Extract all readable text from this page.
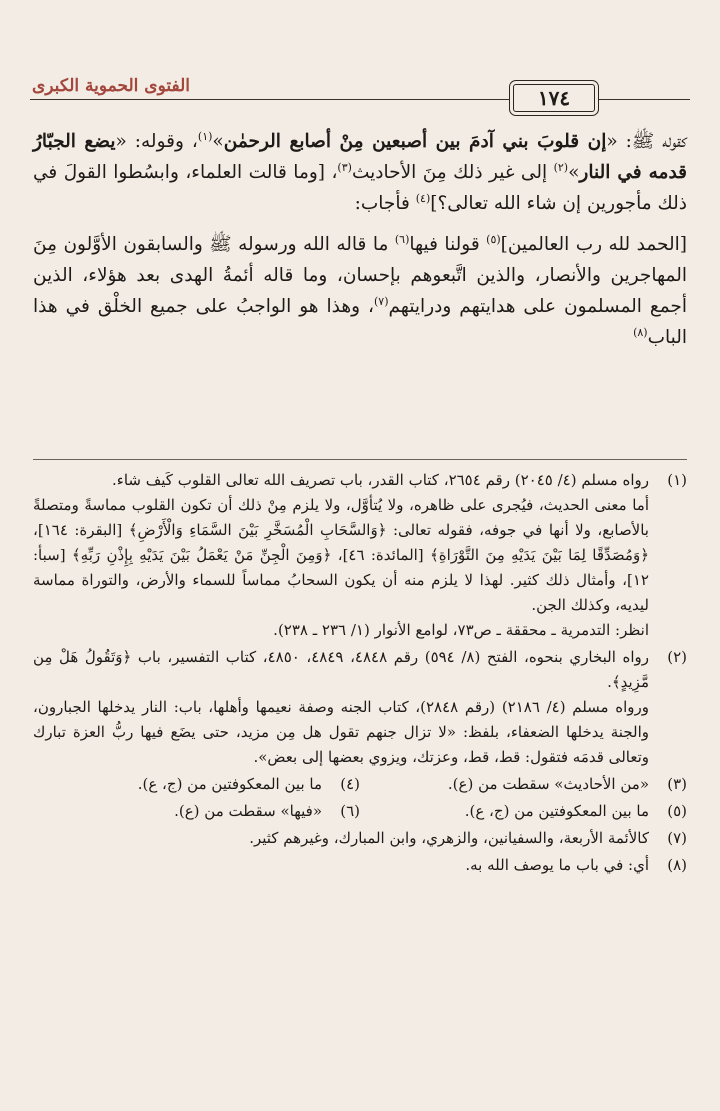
الفتوى الحموية الكبرى	١٧٤

كقوله ﷺ: «إن قلوبَ بني آدمَ بين أصبعين مِنْ أصابع الرحمٰن»$^{(١)}$، وقوله: «يضع الجبّارُ قدمه في النار»$^{(٢)}$ إلى غير ذلك مِنَ الأحاديث$^{(٣)}$، [وما قالت العلماء، وابسُطوا القولَ في ذلك مأجورين إن شاء الله تعالى؟]$^{(٤)}$ فأجاب:

[الحمد لله رب العالمين]$^{(٥)}$ قولنا فيها$^{(٦)}$ ما قاله الله ورسوله ﷺ والسابقون الأوَّلون مِنَ المهاجرين والأنصار، والذين اتَّبعوهم بإحسان، وما قاله أئمةُ الهدى بعد هؤلاء، الذين أجمع المسلمون على هدايتهم ودرايتهم$^{(٧)}$، وهذا هو الواجبُ على جميع الخلْق في هذا الباب$^{(٨)}$

(١)

رواه مسلم (٤/ ٢٠٤٥) رقم ٢٦٥٤، كتاب القدر، باب تصريف الله تعالى القلوب كَيف شاء.

أما معنى الحديث، فيُجرى على ظاهره، ولا يُتأوَّل، ولا يلزم مِنْ ذلك أن تكون القلوب مماسةً ومتصلةً بالأصابع، ولا أنها في جوفه، فقوله تعالى: ﴿وَالسَّحَابِ الْمُسَخَّرِ بَيْنَ السَّمَاءِ وَالْأَرْضِ﴾ [البقرة: ١٦٤]، ﴿وَمُصَدِّقًا لِمَا بَيْنَ يَدَيْهِ مِنَ التَّوْرَاةِ﴾ [المائدة: ٤٦]، ﴿وَمِنَ الْجِنِّ مَنْ يَعْمَلُ بَيْنَ يَدَيْهِ بِإِذْنِ رَبِّهِ﴾ [سبأ: ١٢]، وأمثال ذلك كثير. لهذا لا يلزم منه أن يكون السحابُ مماساً للسماء والأرض، والتوراة مماسة ليديه، وكذلك الجن.

انظر: التدمرية ـ محققة ـ ص٧٣، لوامع الأنوار (١/ ٢٣٦ ـ ٢٣٨).

(٢)

رواه البخاري بنحوه، الفتح (٨/ ٥٩٤) رقم ٤٨٤٨، ٤٨٤٩، ٤٨٥٠، كتاب التفسير، باب ﴿وَتَقُولُ هَلْ مِن مَّزِيدٍ﴾.

ورواه مسلم (٤/ ٢١٨٦) (رقم ٢٨٤٨)، كتاب الجنه وصفة نعيمها وأهلها، باب: النار يدخلها الجبارون، والجنة يدخلها الضعفاء، بلفظ: «لا تزال جنهم تقول هل مِن مزيد، حتى يضَع فيها ربُّ العزة تبارك وتعالى قدمَه فتقول: قط، قط، وعزتك، ويزوي بعضها إلى بعض».

(٣)
«من الأحاديث» سقطت من (ع).
(٤)
ما بين المعكوفتين من (ج، ع).
(٥)
ما بين المعكوفتين من (ج، ع).
(٦)
«فيها» سقطت من (ع).
(٧)
كالأئمة الأربعة، والسفيانين، والزهري، وابن المبارك، وغيرهم كثير.
(٨)
أي: في باب ما يوصف الله به.
